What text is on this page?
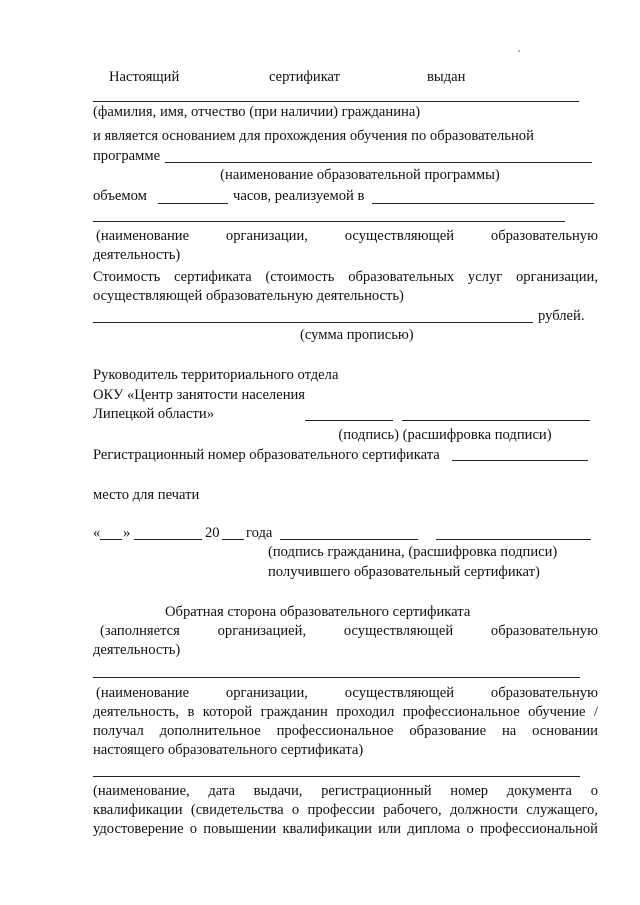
Настоящий	сертификат	выдан
(фамилия, имя, отчество (при наличии) гражданина)
и является основанием для прохождения обучения по образовательной
программе
(наименование образовательной программы)
объемом	часов, реализуемой в
(наименование организации, осуществляющей образовательную
деятельность)
Стоимость сертификата (стоимость образовательных услуг организации,
осуществляющей образовательную деятельность)
рублей.
(сумма прописью)
Руководитель территориального отдела
ОКУ «Центр занятости населения
Липецкой области»
(подпись) (расшифровка подписи)
Регистрационный номер образовательного сертификата
место для печати
« »	20 года
(подпись гражданина, (расшифровка подписи)
получившего образовательный сертификат)
Обратная сторона образовательного сертификата
(заполняется организацией, осуществляющей образовательную
деятельность)
(наименование организации, осуществляющей образовательную
деятельность, в которой гражданин проходил профессиональное обучение /
получал дополнительное профессиональное образование на основании
настоящего образовательного сертификата)
(наименование, дата выдачи, регистрационный номер документа о
квалификации (свидетельства о профессии рабочего, должности служащего,
удостоверение о повышении квалификации или диплома о профессиональной
